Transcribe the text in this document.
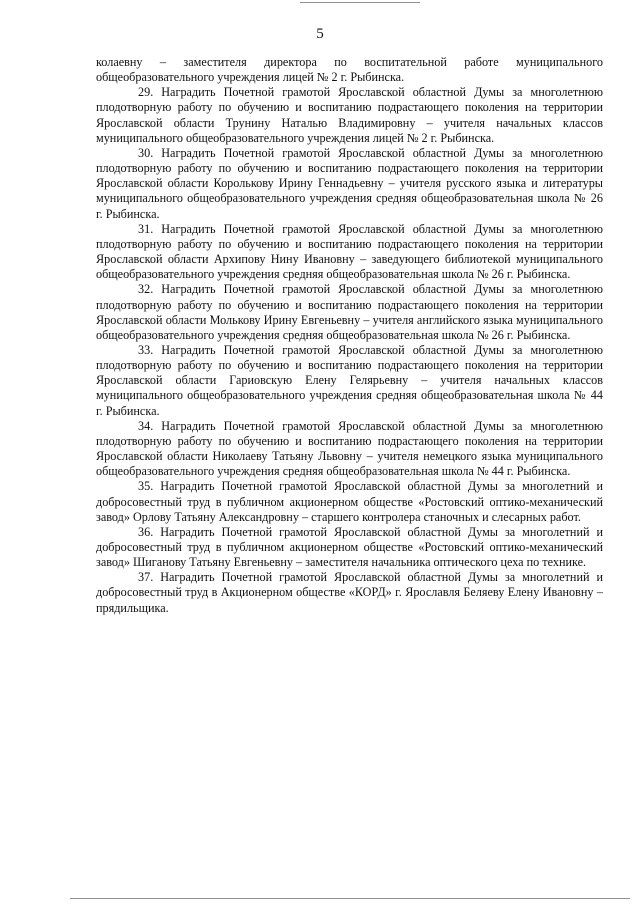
5

колаевну – заместителя директора по воспитательной работе муниципального общеобразовательного учреждения лицей № 2 г. Рыбинска.

29. Наградить Почетной грамотой Ярославской областной Думы за многолетнюю плодотворную работу по обучению и воспитанию подрастающего поколения на территории Ярославской области Трунину Наталью Владимировну – учителя начальных классов муниципального общеобразовательного учреждения лицей № 2 г. Рыбинска.

30. Наградить Почетной грамотой Ярославской областной Думы за многолетнюю плодотворную работу по обучению и воспитанию подрастающего поколения на территории Ярославской области Королькову Ирину Геннадьевну – учителя русского языка и литературы муниципального общеобразовательного учреждения средняя общеобразовательная школа № 26 г. Рыбинска.

31. Наградить Почетной грамотой Ярославской областной Думы за многолетнюю плодотворную работу по обучению и воспитанию подрастающего поколения на территории Ярославской области Архипову Нину Ивановну – заведующего библиотекой муниципального общеобразовательного учреждения средняя общеобразовательная школа № 26 г. Рыбинска.

32. Наградить Почетной грамотой Ярославской областной Думы за многолетнюю плодотворную работу по обучению и воспитанию подрастающего поколения на территории Ярославской области Молькову Ирину Евгеньевну – учителя английского языка муниципального общеобразовательного учреждения средняя общеобразовательная школа № 26 г. Рыбинска.

33. Наградить Почетной грамотой Ярославской областной Думы за многолетнюю плодотворную работу по обучению и воспитанию подрастающего поколения на территории Ярославской области Гариовскую Елену Гелярьевну – учителя начальных классов муниципального общеобразовательного учреждения средняя общеобразовательная школа № 44 г. Рыбинска.

34. Наградить Почетной грамотой Ярославской областной Думы за многолетнюю плодотворную работу по обучению и воспитанию подрастающего поколения на территории Ярославской области Николаеву Татьяну Львовну – учителя немецкого языка муниципального общеобразовательного учреждения средняя общеобразовательная школа № 44 г. Рыбинска.

35. Наградить Почетной грамотой Ярославской областной Думы за многолетний и добросовестный труд в публичном акционерном обществе «Ростовский оптико-механический завод» Орлову Татьяну Александровну – старшего контролера станочных и слесарных работ.

36. Наградить Почетной грамотой Ярославской областной Думы за многолетний и добросовестный труд в публичном акционерном обществе «Ростовский оптико-механический завод» Шиганову Татьяну Евгеньевну – заместителя начальника оптического цеха по технике.

37. Наградить Почетной грамотой Ярославской областной Думы за многолетний и добросовестный труд в Акционерном обществе «КОРД» г. Ярославля Беляеву Елену Ивановну – прядильщика.
